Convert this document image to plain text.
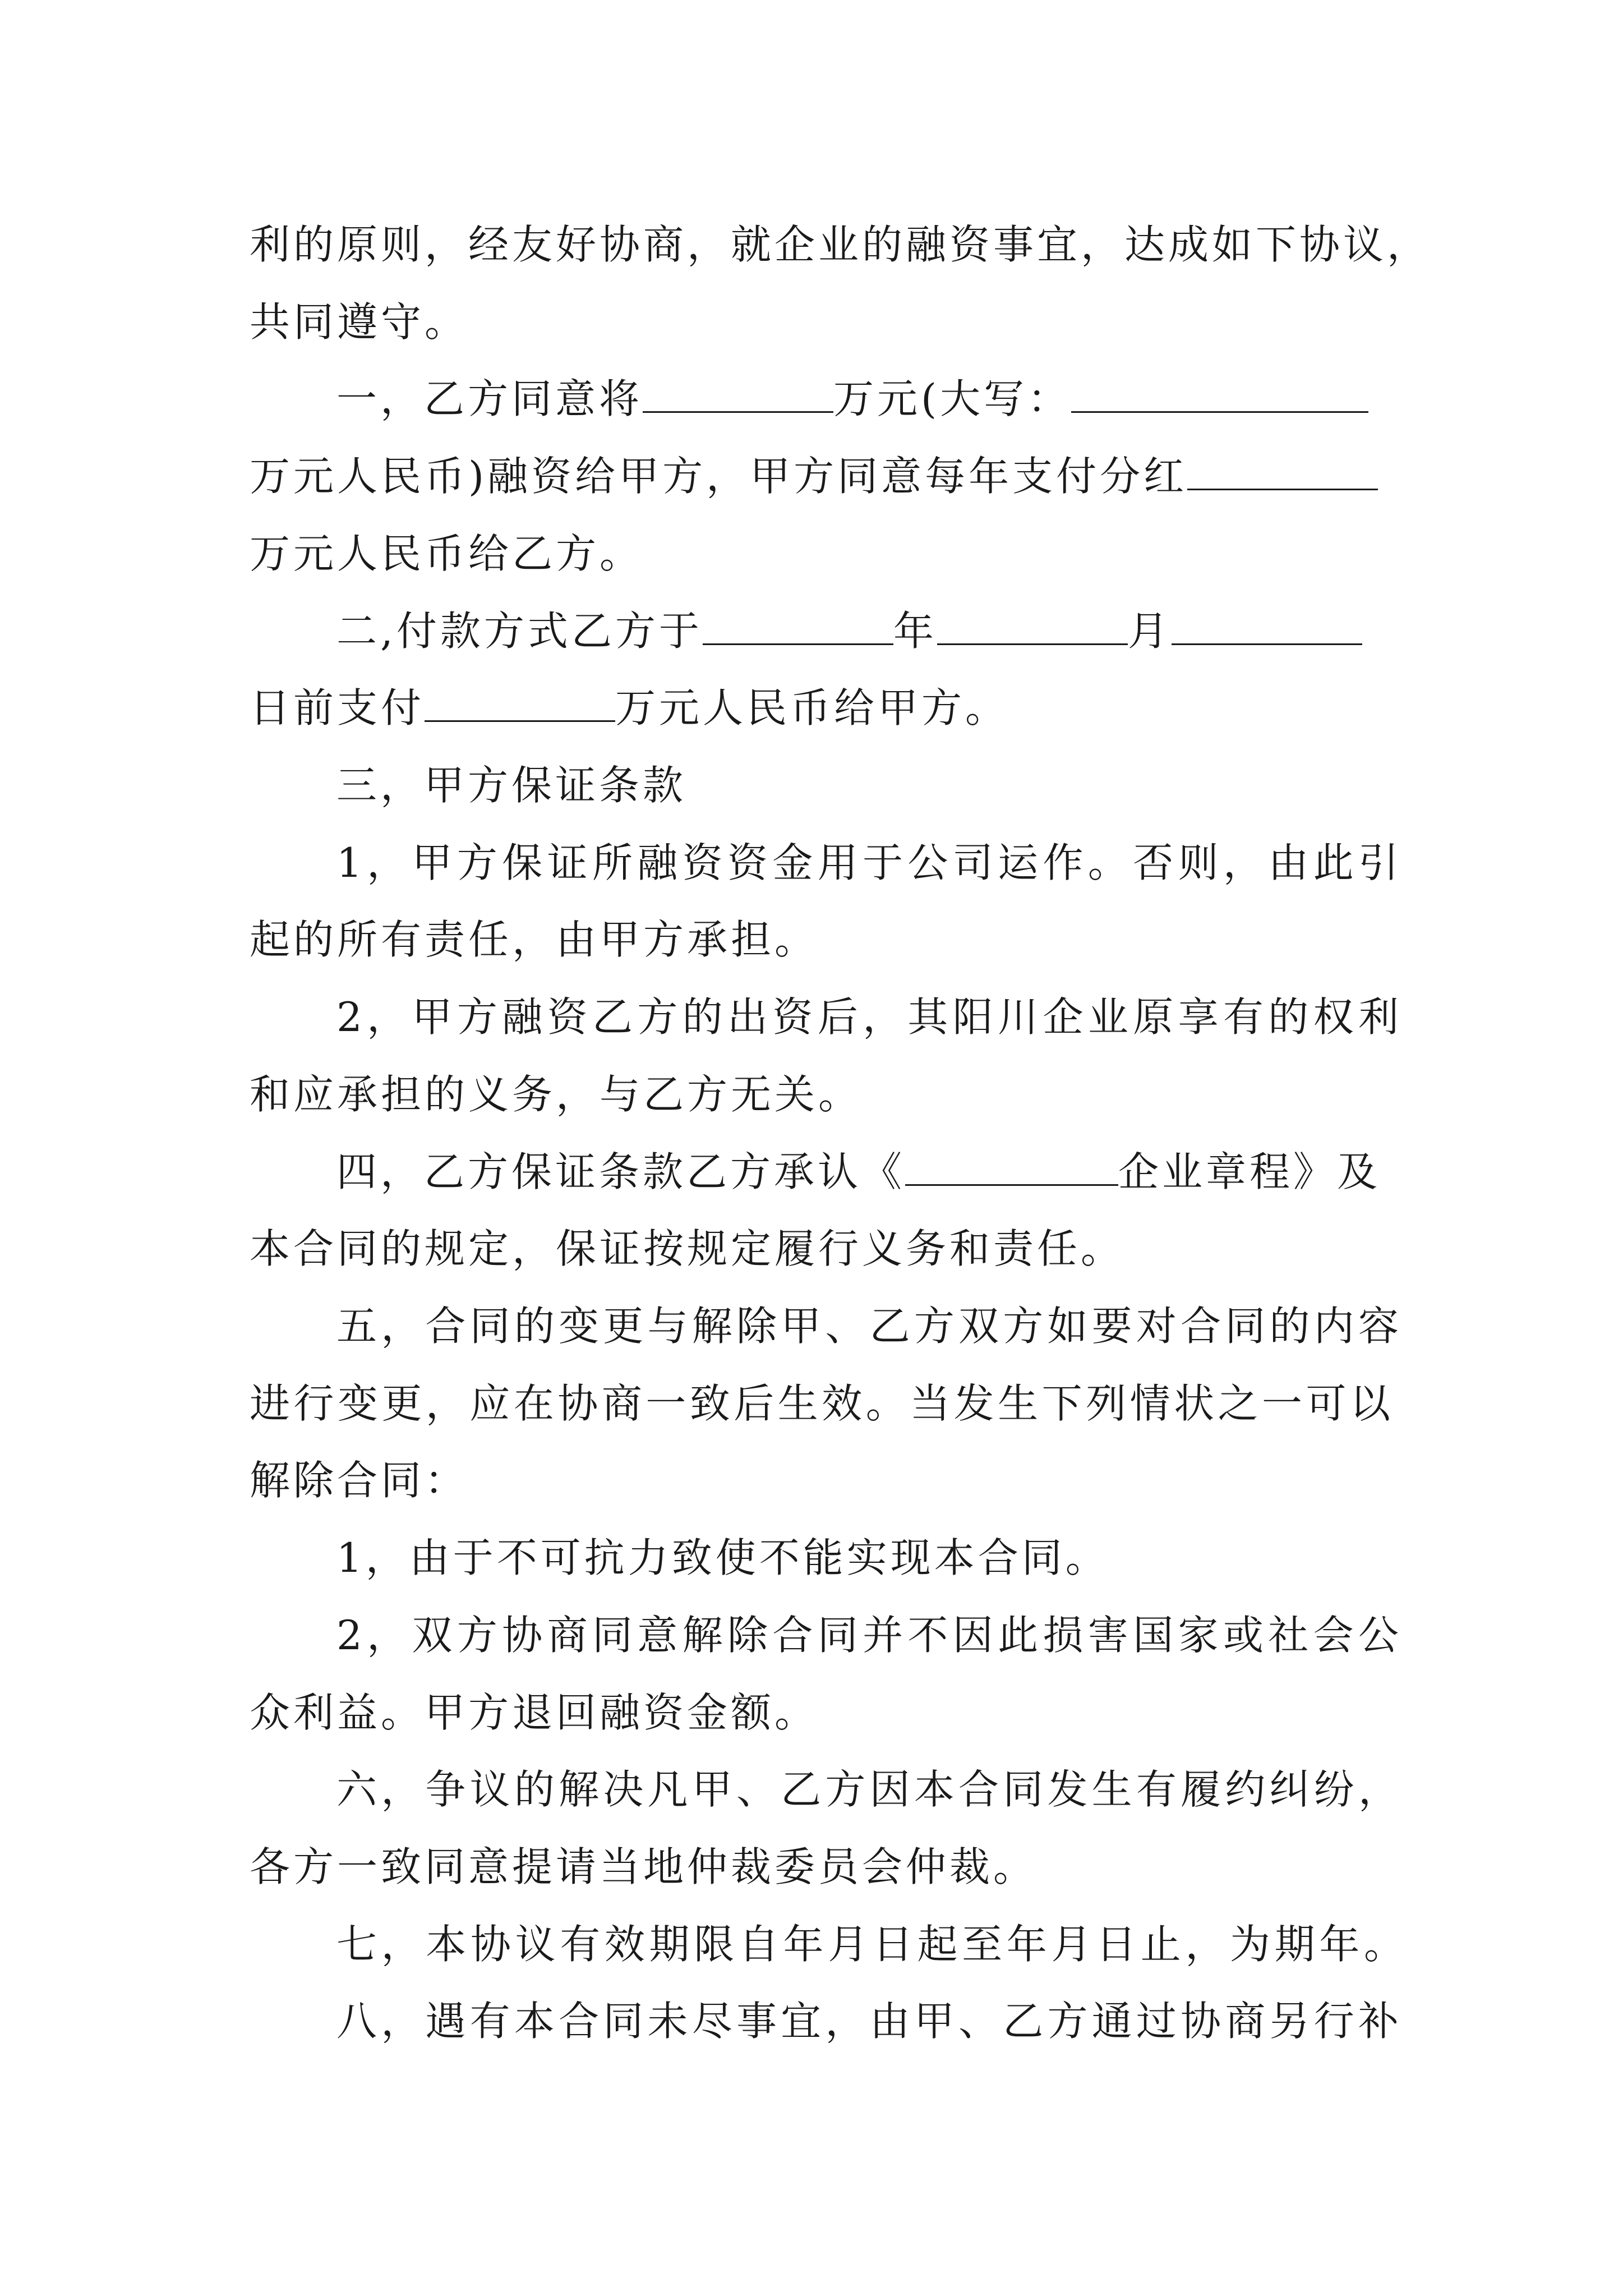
利的原则，经友好协商，就企业的融资事宜，达成如下协议，
共同遵守。
一，乙方同意将	万元(大写：
万元人民币)融资给甲方，甲方同意每年支付分红
万元人民币给乙方。
二,付款方式乙方于	年	月
日前支付	万元人民币给甲方。
三，甲方保证条款
1，甲方保证所融资资金用于公司运作。否则，由此引
起的所有责任，由甲方承担。
2，甲方融资乙方的出资后，其阳川企业原享有的权利
和应承担的义务，与乙方无关。
四，乙方保证条款乙方承认《	企业章程》及
本合同的规定，保证按规定履行义务和责任。
五，合同的变更与解除甲、乙方双方如要对合同的内容
进行变更，应在协商一致后生效。当发生下列情状之一可以
解除合同：
1，由于不可抗力致使不能实现本合同。
2，双方协商同意解除合同并不因此损害国家或社会公
众利益。甲方退回融资金额。
六，争议的解决凡甲、乙方因本合同发生有履约纠纷，
各方一致同意提请当地仲裁委员会仲裁。
七，本协议有效期限自年月日起至年月日止，为期年。
八，遇有本合同未尽事宜，由甲、乙方通过协商另行补
